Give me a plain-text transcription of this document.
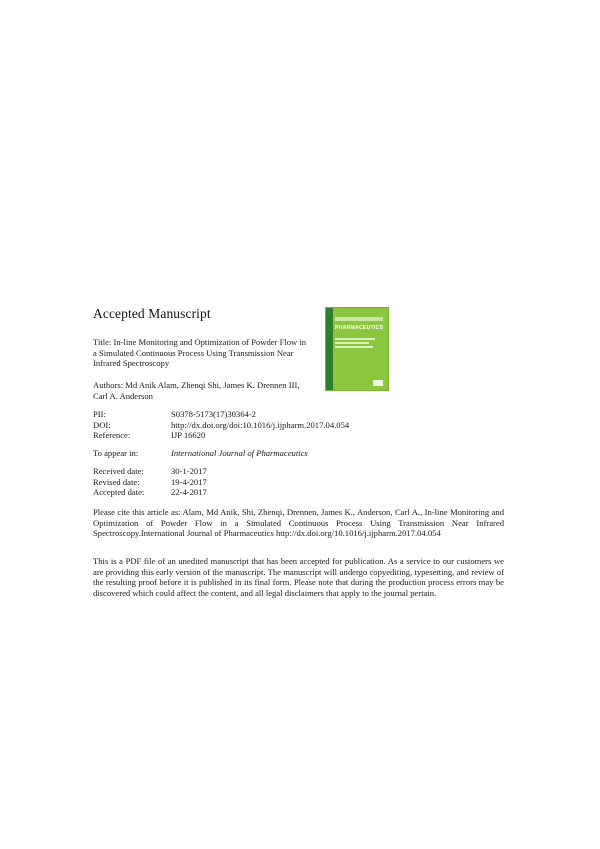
Accepted Manuscript
Title: In-line Monitoring and Optimization of Powder Flow in
a Simulated Continuous Process Using Transmission Near
Infrared Spectroscopy
Authors: Md Anik Alam, Zhenqi Shi, James K. Drennen III,
Carl A. Anderson
PII:	S0378-5173(17)30364-2
DOI:	http://dx.doi.org/doi:10.1016/j.ijpharm.2017.04.054
Reference:	IJP 16620
To appear in:	International Journal of Pharmaceutics
Received date:	30-1-2017
Revised date:	19-4-2017
Accepted date:	22-4-2017
Please cite this article as: Alam, Md Anik, Shi, Zhenqi, Drennen, James K., Anderson, Carl A., In-line Monitoring and Optimization of Powder Flow in a Simulated Continuous Process Using Transmission Near Infrared Spectroscopy.International Journal of Pharmaceutics http://dx.doi.org/10.1016/j.ijpharm.2017.04.054
This is a PDF file of an unedited manuscript that has been accepted for publication. As a service to our customers we are providing this early version of the manuscript. The manuscript will undergo copyediting, typesetting, and review of the resulting proof before it is published in its final form. Please note that during the production process errors may be discovered which could affect the content, and all legal disclaimers that apply to the journal pertain.
PHARMACEUTICS
